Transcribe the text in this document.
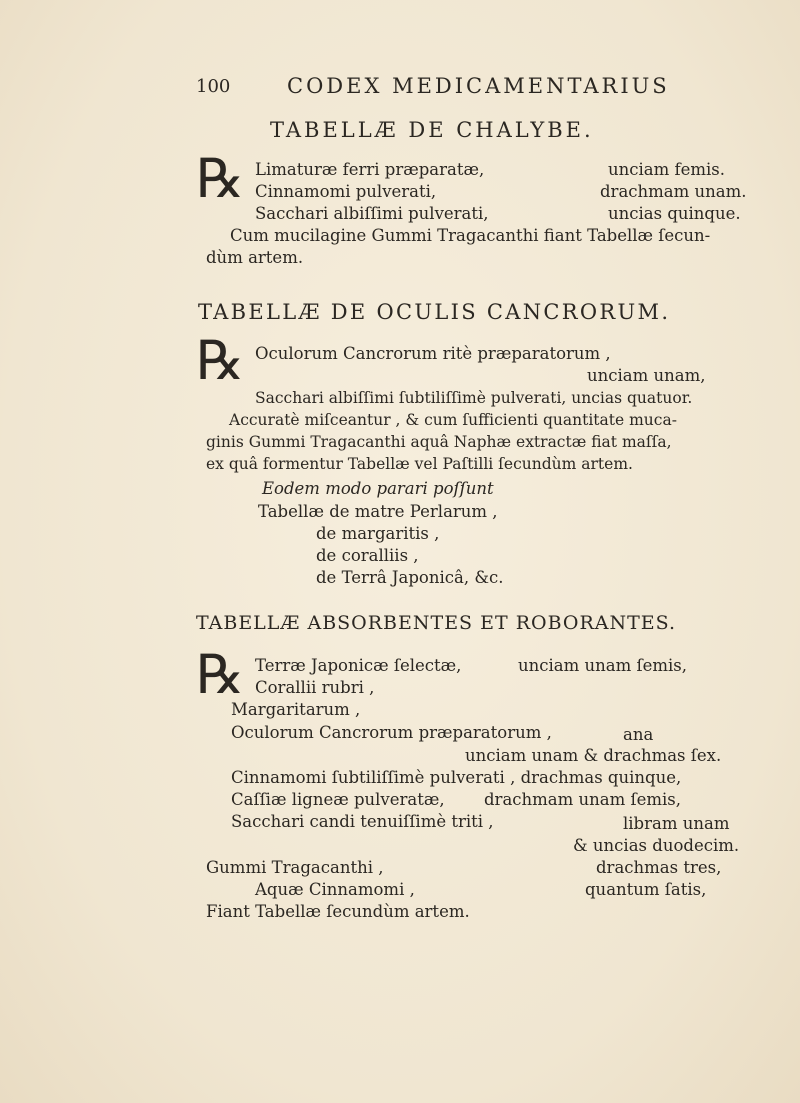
100	CODEX MEDICAMENTARIUS
TABELLÆ DE CHALYBE.
℞ Limaturæ ferri præparatæ,	unciam femis.
Cinnamomi pulverati,	drachmam unam.
Sacchari albiſſimi pulverati,	uncias quinque.
Cum mucilagine Gummi Tragacanthi fiant Tabellæ ſecun-
dùm artem.
TABELLÆ DE OCULIS CANCRORUM.
℞ Oculorum Cancrorum ritè præparatorum ,
unciam unam,
Sacchari albiſſimi ſubtiliſſimè pulverati, uncias quatuor.
Accuratè miſceantur , & cum ſufficienti quantitate muca-
ginis Gummi Tragacanthi aquâ Naphæ extractæ fiat maſſa,
ex quâ formentur Tabellæ vel Paſtilli ſecundùm artem.
Eodem modo parari poſſunt
Tabellæ de matre Perlarum ,
de margaritis ,
de coralliis ,
de Terrâ Japonicâ, &c.
TABELLÆ ABSORBENTES ET ROBORANTES.
℞ Terræ Japonicæ ſelectæ,	unciam unam ſemis,
Corallii rubri ,
Margaritarum ,
Oculorum Cancrorum præparatorum ,	ana
unciam unam & drachmas ſex.
Cinnamomi ſubtiliſſimè pulverati , drachmas quinque,
Caſſiæ ligneæ pulveratæ, drachmam unam ſemis,
Sacchari candi tenuiſſimè triti ,	libram unam
& uncias duodecim.
Gummi Tragacanthi ,	drachmas tres,
Aquæ Cinnamomi ,	quantum ſatis,
Fiant Tabellæ ſecundùm artem.
